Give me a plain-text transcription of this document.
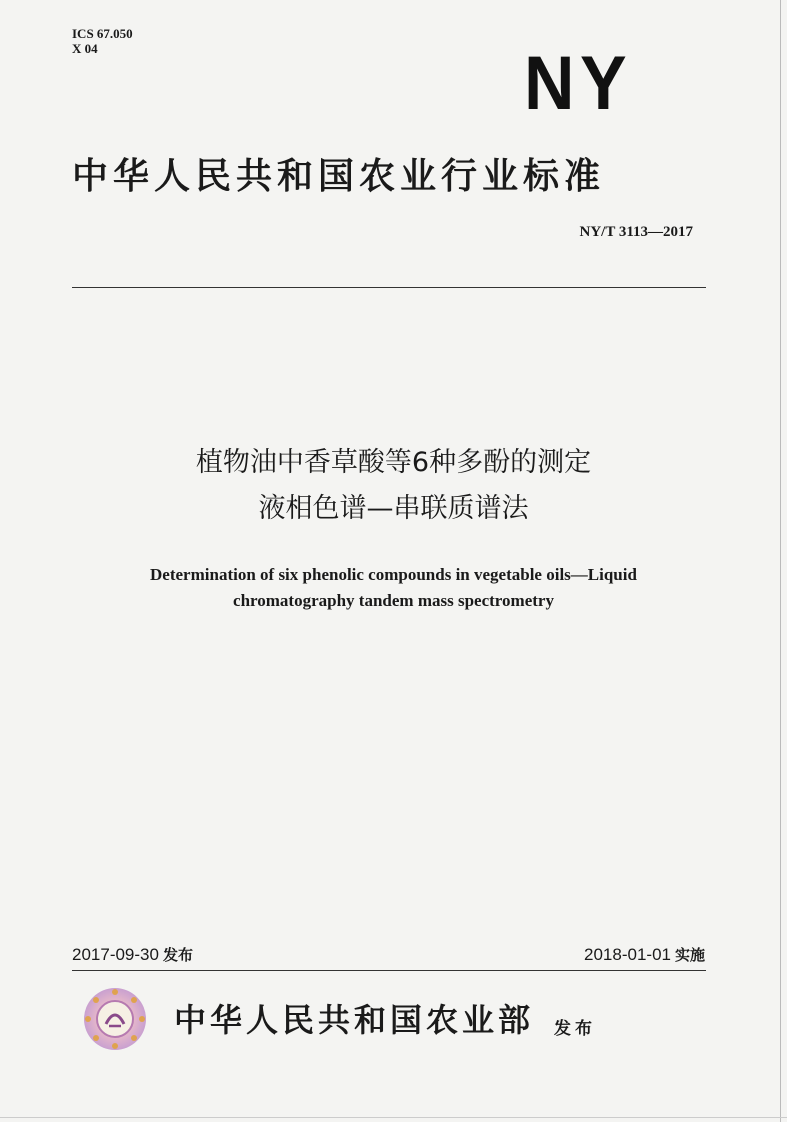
ICS 67.050
X 04	NY
中华人民共和国农业行业标准
NY/T 3113—2017
植物油中香草酸等6种多酚的测定
液相色谱—串联质谱法
Determination of six phenolic compounds in vegetable oils—Liquid
chromatography tandem mass spectrometry
2017-09-30 发布	2018-01-01 实施
中华人民共和国农业部 发布
